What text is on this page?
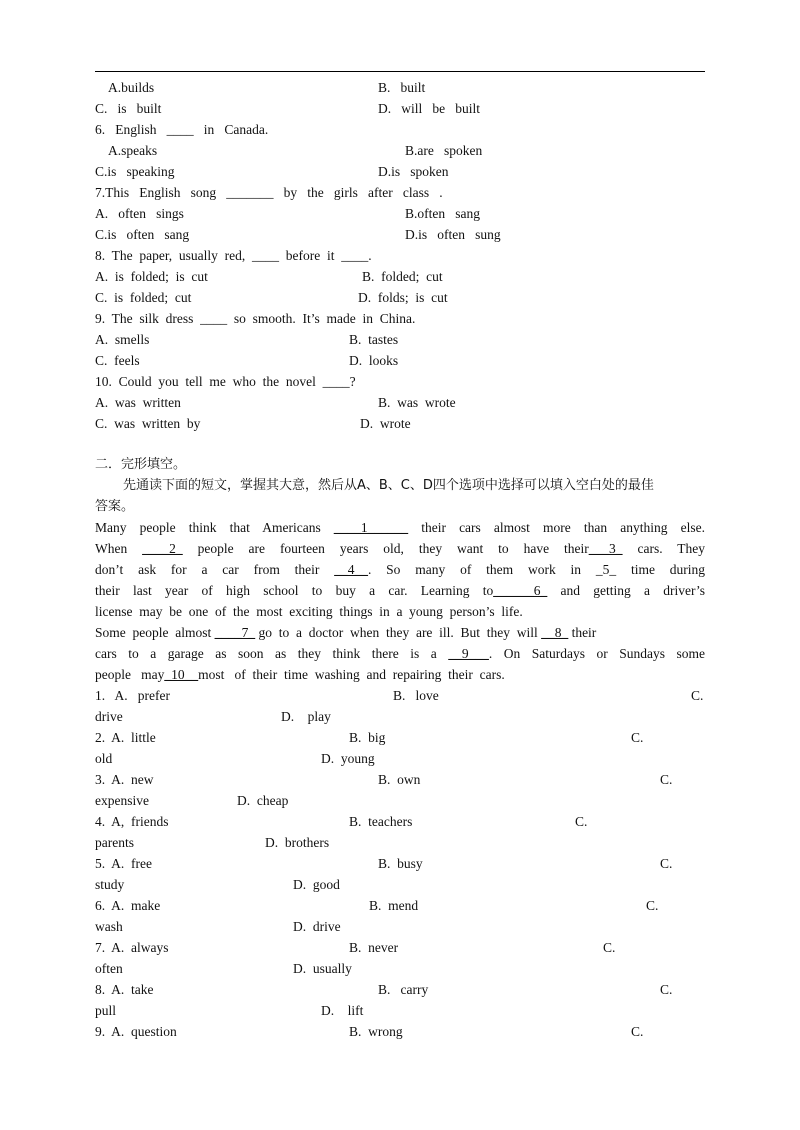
A.builds	B.   built
C.   is   built	D.   will   be   built
6.   English   ____   in   Canada.
A.speaks	B.are   spoken
C.is   speaking	D.is   spoken
7.This   English   song   _______   by   the   girls   after   class   .
A.   often   sings	B.often   sang
C.is   often   sang	D.is   often   sung
8.  The  paper,  usually  red,  ____  before  it  ____.
A.  is  folded;  is  cut	B.  folded;  cut
C.  is  folded;  cut	D.  folds;  is  cut
9.  The  silk  dress  ____  so  smooth.  It’s  made  in  China.
A.  smells	B.  tastes
C.  feels	D.  looks
10.  Could  you  tell  me  who  the  novel  ____?
A.  was  written	B.  was  wrote
C.  was  written  by	D.  wrote
二．完形填空。
先通读下面的短文，掌握其大意，然后从A、B、C、D四个选项中选择可以填入空白处的最佳
答案。
Many people think that Americans ____1______ their cars almost more than anything else.
When ____2_ people are fourteen years old, they want to have their___3_ cars. They
don’t ask for a car from their __4__. So many of them work in _5_ time during
their last year of high school to buy a car. Learning to______6_ and getting a driver’s
license  may  be  one  of  the  most  exciting  things  in  a  young  person’s  life.
Some  people  almost ____7_ go  to  a  doctor  when  they  are  ill.  But  they  will __8_ their
cars to a garage as soon as they think there is a __9___. On Saturdays or Sundays some
people   may_10__most   of  their  time  washing  and  repairing  their  cars.
1.   A.   prefer	B.   love	C.
drive	D.    play
2.  A.  little	B.  big	C.
old	D.  young
3.  A.  new	B.  own	C.
expensive	D.  cheap
4.  A,  friends	B.  teachers	C.
parents	D.  brothers
5.  A.  free	B.  busy	C.
study	D.  good
6.  A.  make	B.  mend	C.
wash	D.  drive
7.  A.  always	B.  never	C.
often	D.  usually
8.  A.  take	B.   carry	C.
pull	D.    lift
9.  A.  question	B.  wrong	C.
